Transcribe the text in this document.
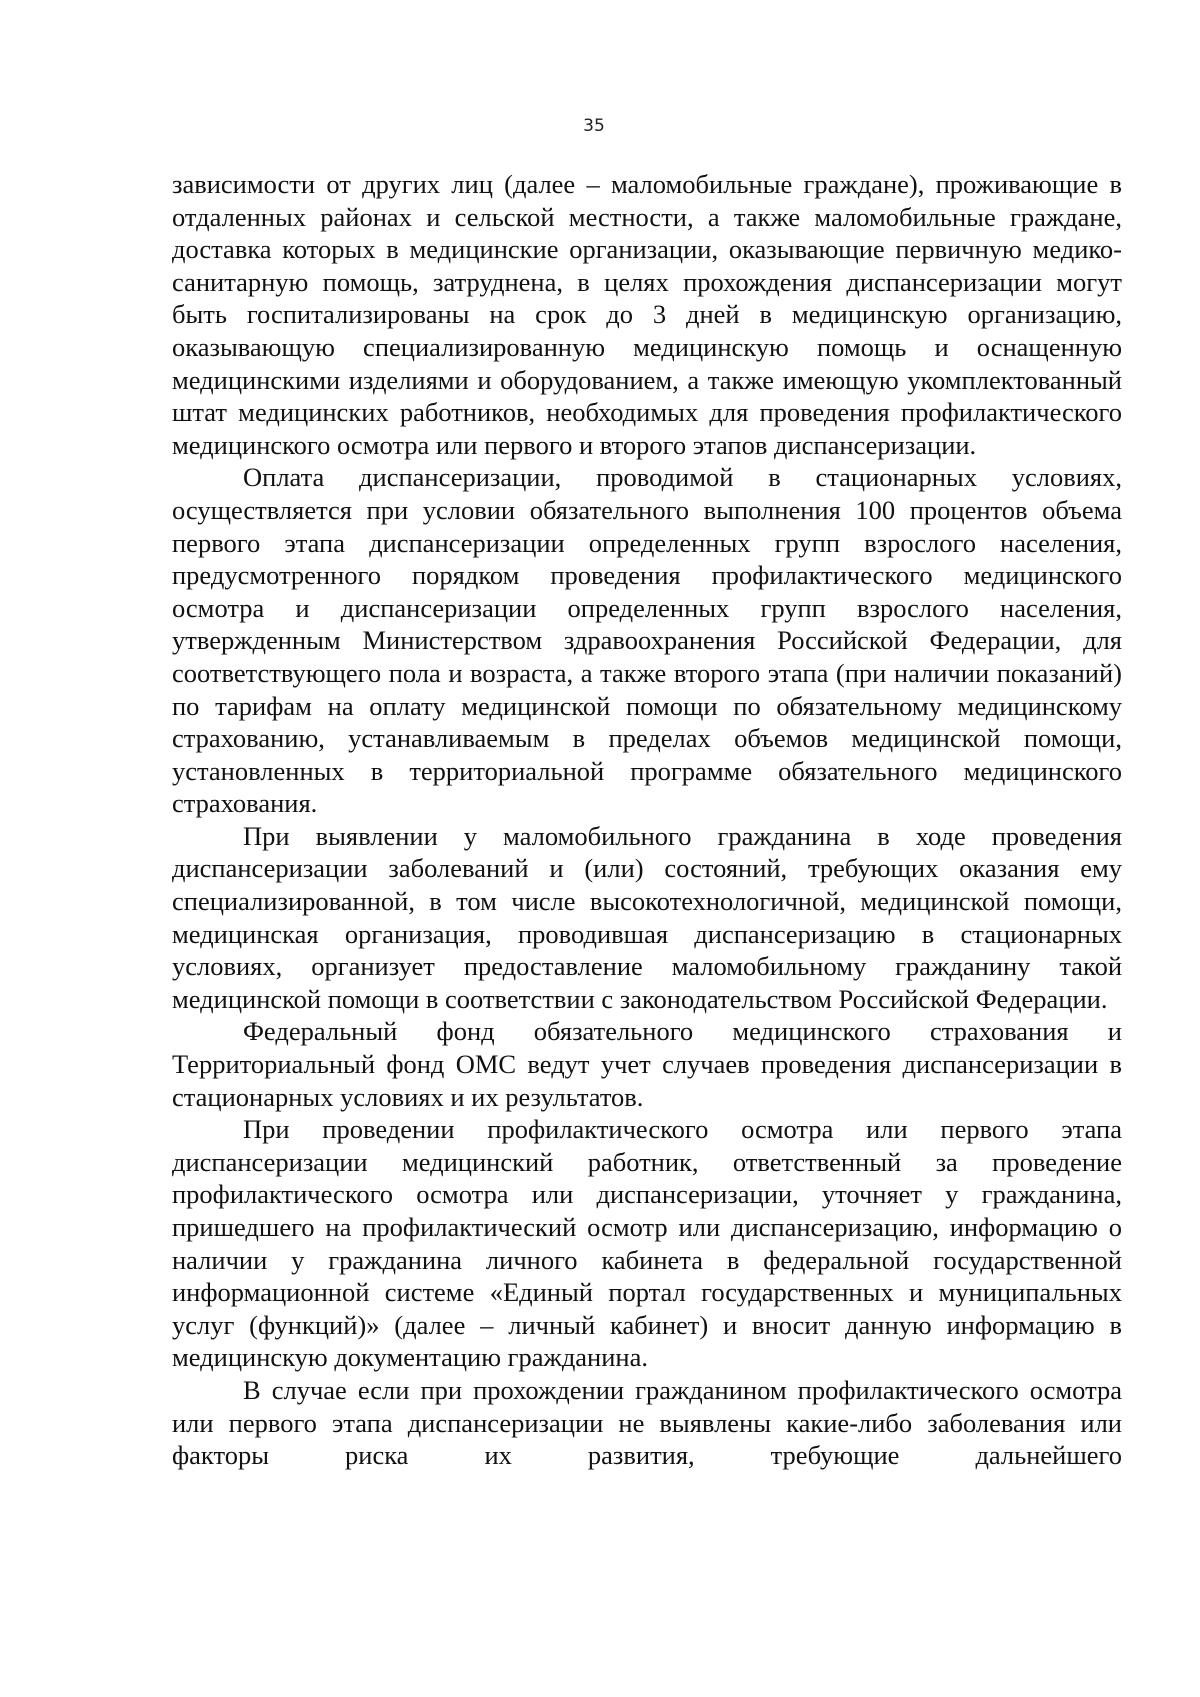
35

зависимости от других лиц (далее – маломобильные граждане), проживающие в отдаленных районах и сельской местности, а также маломобильные граждане, доставка которых в медицинские организации, оказывающие первичную медико-санитарную помощь, затруднена, в целях прохождения диспансеризации могут быть госпитализированы на срок до 3 дней в медицинскую организацию, оказывающую специализированную медицинскую помощь и оснащенную медицинскими изделиями и оборудованием, а также имеющую укомплектованный штат медицинских работников, необходимых для проведения профилактического медицинского осмотра или первого и второго этапов диспансеризации.

Оплата диспансеризации, проводимой в стационарных условиях, осуществляется при условии обязательного выполнения 100 процентов объема первого этапа диспансеризации определенных групп взрослого населения, предусмотренного порядком проведения профилактического медицинского осмотра и диспансеризации определенных групп взрослого населения, утвержденным Министерством здравоохранения Российской Федерации, для соответствующего пола и возраста, а также второго этапа (при наличии показаний) по тарифам на оплату медицинской помощи по обязательному медицинскому страхованию, устанавливаемым в пределах объемов медицинской помощи, установленных в территориальной программе обязательного медицинского страхования.

При выявлении у маломобильного гражданина в ходе проведения диспансеризации заболеваний и (или) состояний, требующих оказания ему специализированной, в том числе высокотехнологичной, медицинской помощи, медицинская организация, проводившая диспансеризацию в стационарных условиях, организует предоставление маломобильному гражданину такой медицинской помощи в соответствии с законодательством Российской Федерации.

Федеральный фонд обязательного медицинского страхования и Территориальный фонд ОМС ведут учет случаев проведения диспансеризации в стационарных условиях и их результатов.

При проведении профилактического осмотра или первого этапа диспансеризации медицинский работник, ответственный за проведение профилактического осмотра или диспансеризации, уточняет у гражданина, пришедшего на профилактический осмотр или диспансеризацию, информацию о наличии у гражданина личного кабинета в федеральной государственной информационной системе «Единый портал государственных и муниципальных услуг (функций)» (далее – личный кабинет) и вносит данную информацию в медицинскую документацию гражданина.

В случае если при прохождении гражданином профилактического осмотра или первого этапа диспансеризации не выявлены какие-либо заболевания или факторы риска их развития, требующие дальнейшего
